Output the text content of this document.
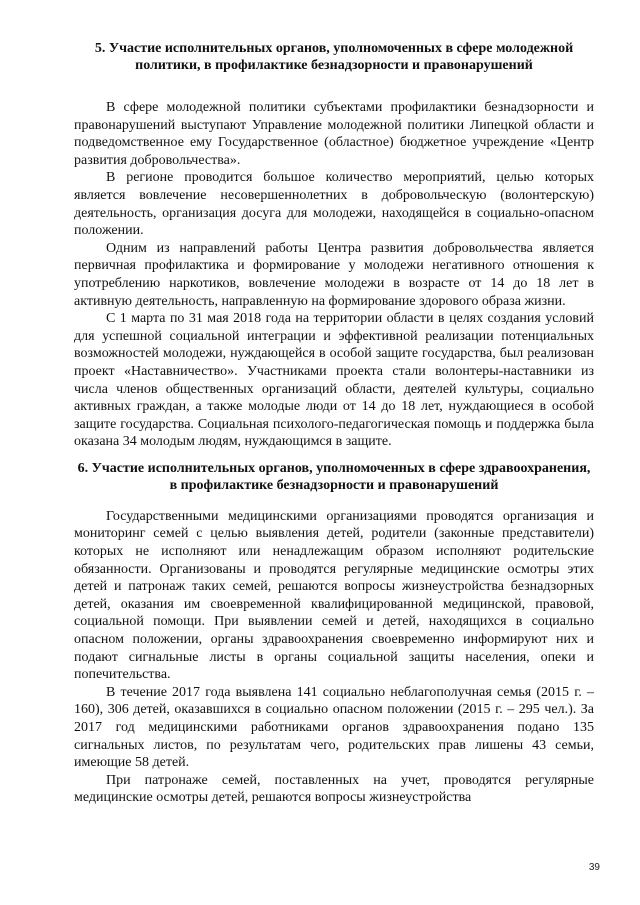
5. Участие исполнительных органов, уполномоченных в сфере молодежной политики, в профилактике безнадзорности и правонарушений

В сфере молодежной политики субъектами профилактики безнадзорности и правонарушений выступают Управление молодежной политики Липецкой области и подведомственное ему Государственное (областное) бюджетное учреждение «Центр развития добровольчества».

В регионе проводится большое количество мероприятий, целью которых является вовлечение несовершеннолетних в добровольческую (волонтерскую) деятельность, организация досуга для молодежи, находящейся в социально-опасном положении.

Одним из направлений работы Центра развития добровольчества является первичная профилактика и формирование у молодежи негативного отношения к употреблению наркотиков, вовлечение молодежи в возрасте от 14 до 18 лет в активную деятельность, направленную на формирование здорового образа жизни.

С 1 марта по 31 мая 2018 года на территории области в целях создания условий для успешной социальной интеграции и эффективной реализации потенциальных возможностей молодежи, нуждающейся в особой защите государства, был реализован проект «Наставничество». Участниками проекта стали волонтеры-наставники из числа членов общественных организаций области, деятелей культуры, социально активных граждан, а также молодые люди от 14 до 18 лет, нуждающиеся в особой защите государства. Социальная психолого-педагогическая помощь и поддержка была оказана 34 молодым людям, нуждающимся в защите.

6. Участие исполнительных органов, уполномоченных в сфере здравоохранения, в профилактике безнадзорности и правонарушений

Государственными медицинскими организациями проводятся организация и мониторинг семей с целью выявления детей, родители (законные представители) которых не исполняют или ненадлежащим образом исполняют родительские обязанности. Организованы и проводятся регулярные медицинские осмотры этих детей и патронаж таких семей, решаются вопросы жизнеустройства безнадзорных детей, оказания им своевременной квалифицированной медицинской, правовой, социальной помощи. При выявлении семей и детей, находящихся в социально опасном положении, органы здравоохранения своевременно информируют них и подают сигнальные листы в органы социальной защиты населения, опеки и попечительства.

В течение 2017 года выявлена 141 социально неблагополучная семья (2015 г. – 160), 306 детей, оказавшихся в социально опасном положении (2015 г. – 295 чел.). За 2017 год медицинскими работниками органов здравоохранения подано 135 сигнальных листов, по результатам чего, родительских прав лишены 43 семьи, имеющие 58 детей.

При патронаже семей, поставленных на учет, проводятся регулярные медицинские осмотры детей, решаются вопросы жизнеустройства

39
